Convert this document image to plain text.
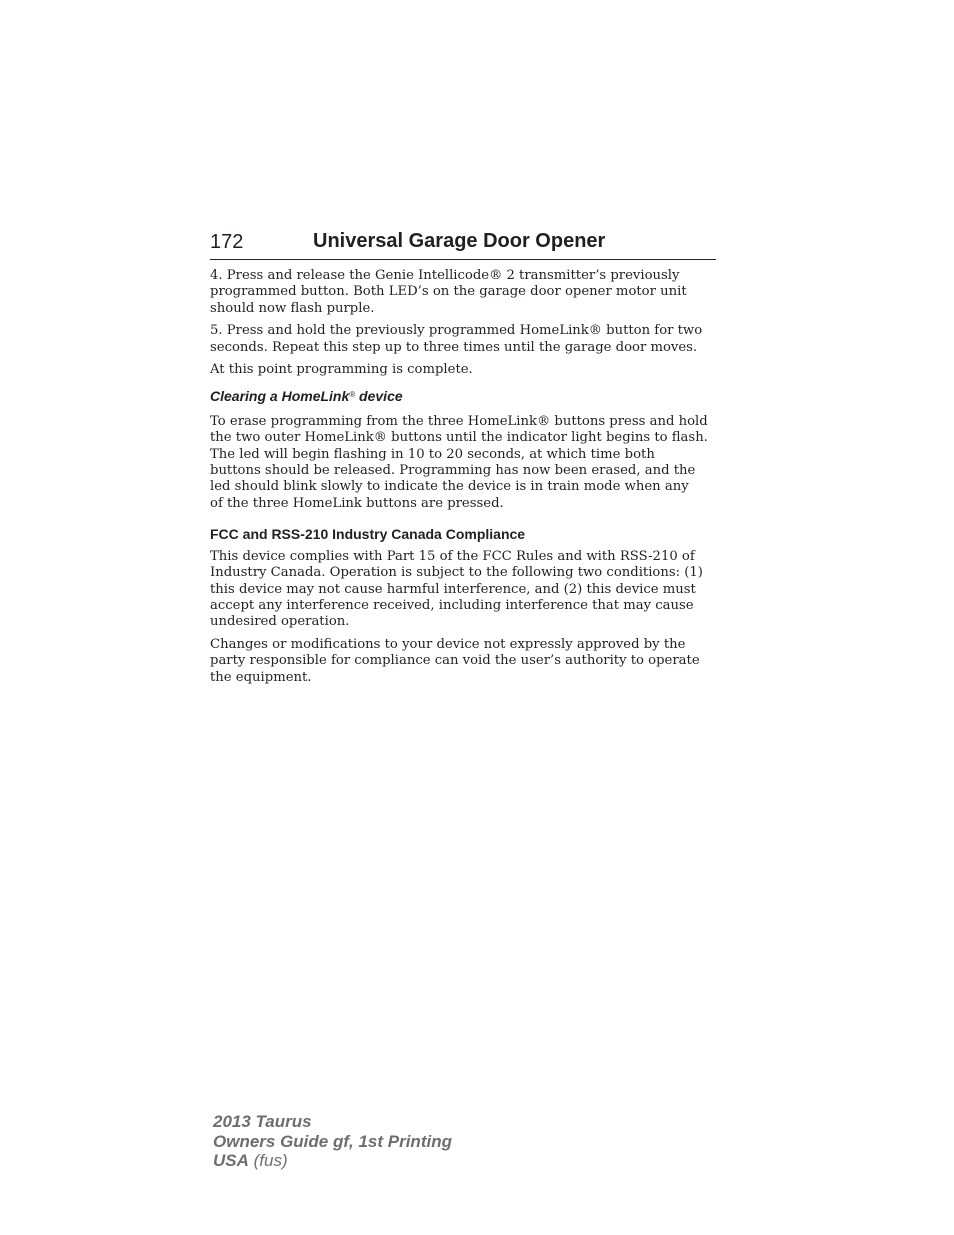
172	Universal Garage Door Opener

4. Press and release the Genie Intellicode® 2 transmitter’s previously
programmed button. Both LED’s on the garage door opener motor unit
should now flash purple.

5. Press and hold the previously programmed HomeLink® button for two
seconds. Repeat this step up to three times until the garage door moves.

At this point programming is complete.

Clearing a HomeLink® device

To erase programming from the three HomeLink® buttons press and hold
the two outer HomeLink® buttons until the indicator light begins to flash.
The led will begin flashing in 10 to 20 seconds, at which time both
buttons should be released. Programming has now been erased, and the
led should blink slowly to indicate the device is in train mode when any
of the three HomeLink buttons are pressed.

FCC and RSS-210 Industry Canada Compliance

This device complies with Part 15 of the FCC Rules and with RSS-210 of
Industry Canada. Operation is subject to the following two conditions: (1)
this device may not cause harmful interference, and (2) this device must
accept any interference received, including interference that may cause
undesired operation.

Changes or modifications to your device not expressly approved by the
party responsible for compliance can void the user’s authority to operate
the equipment.

2013 Taurus
Owners Guide gf, 1st Printing
USA (fus)
